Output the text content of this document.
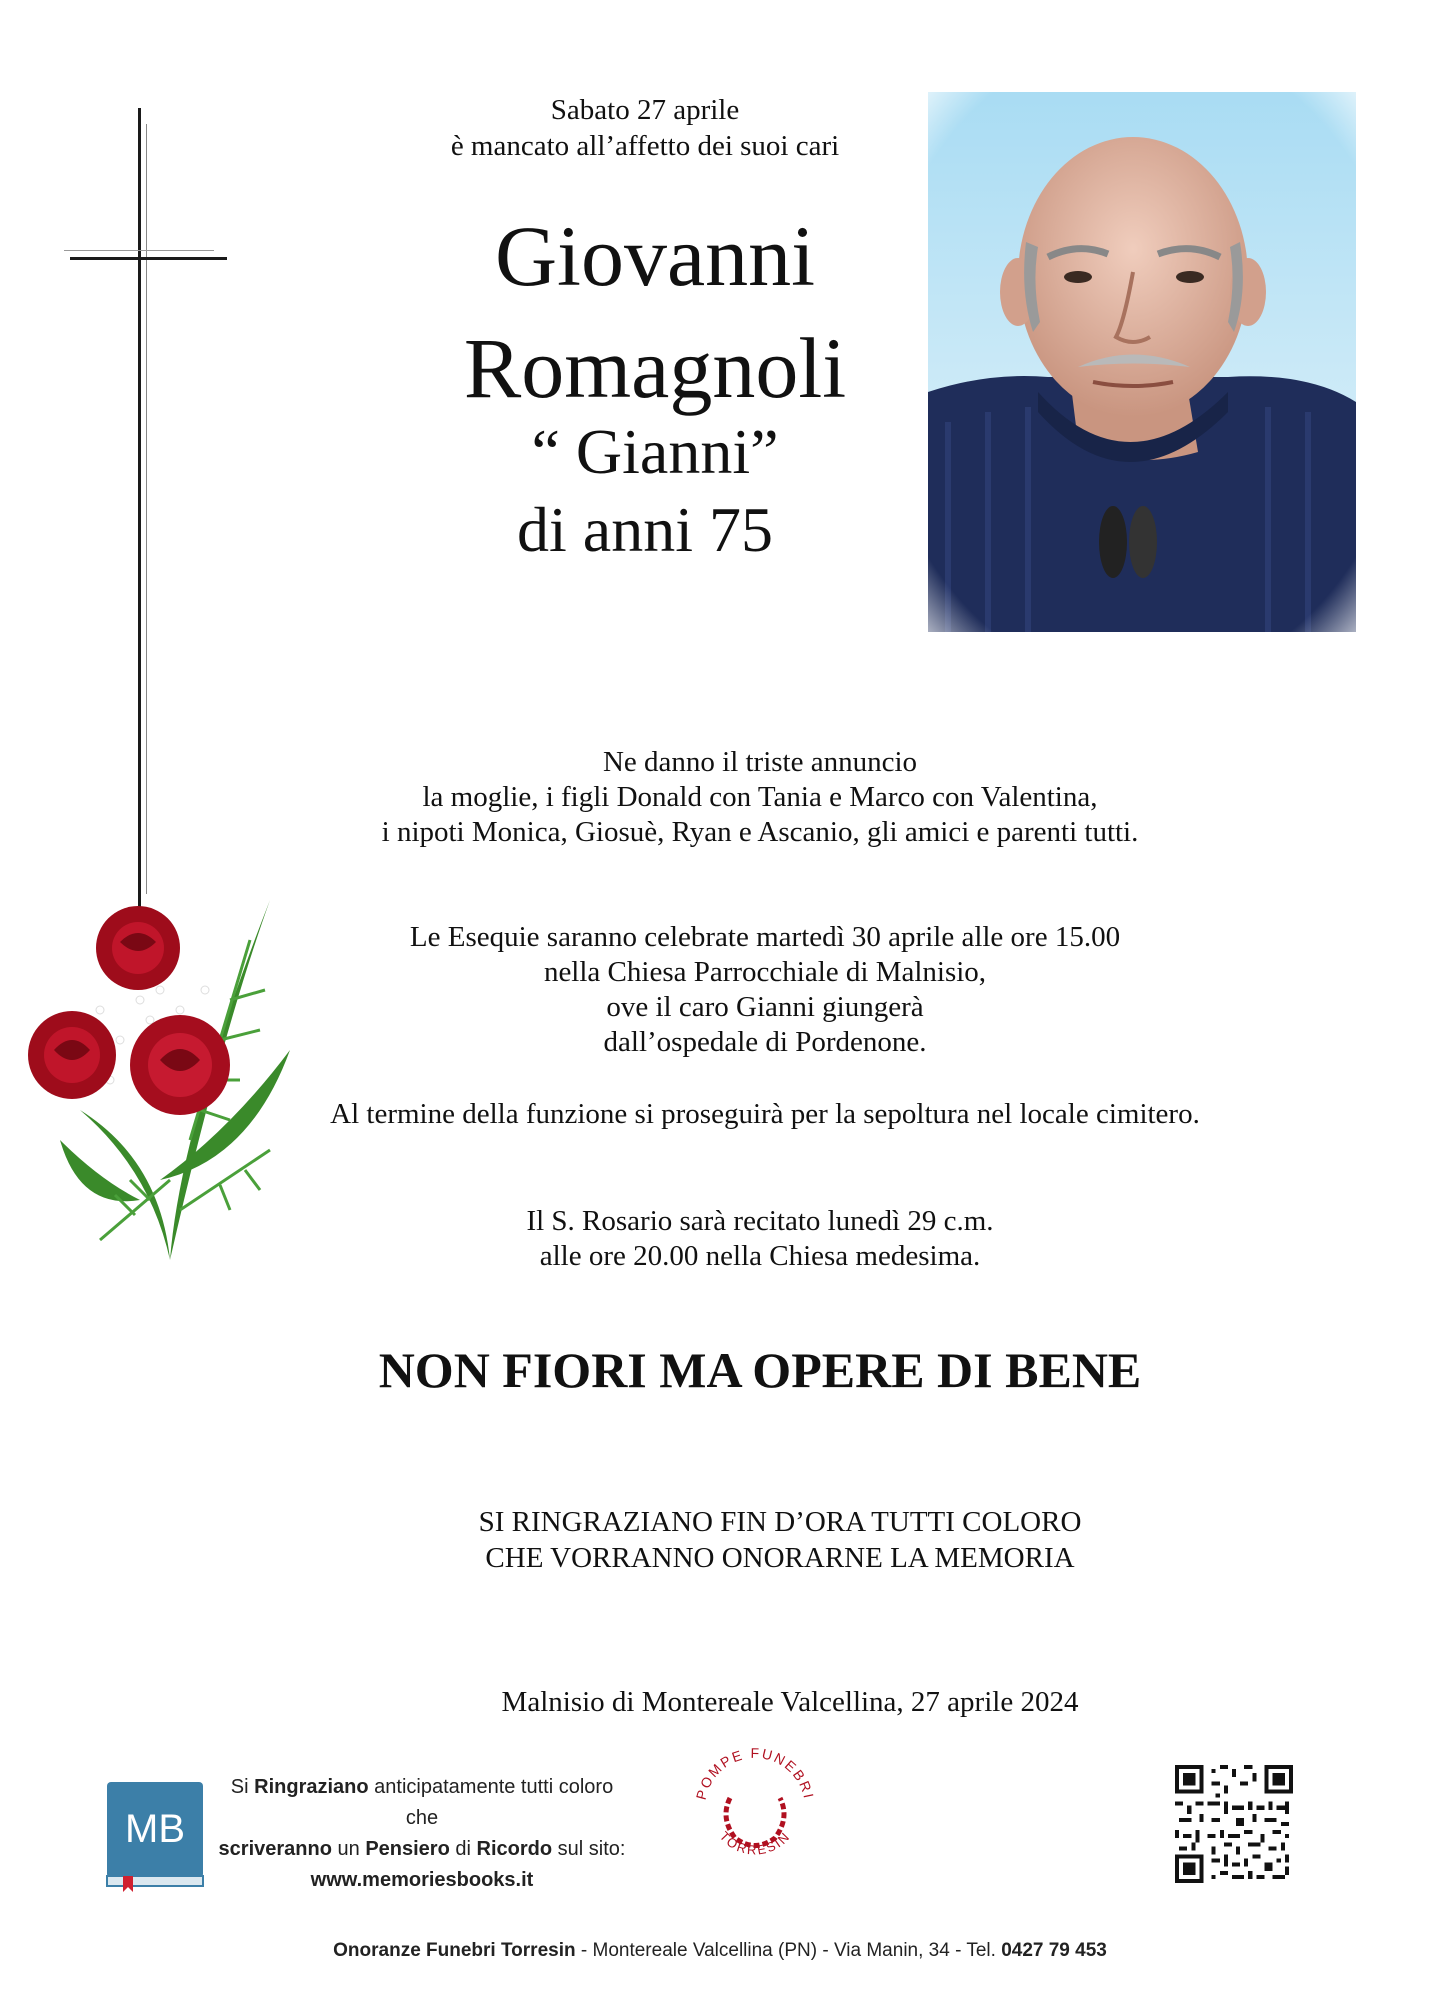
Sabato 27 aprile
è mancato all’affetto dei suoi cari
Giovanni
Romagnoli
“ Gianni”
di anni 75
Ne danno il triste annuncio
la moglie, i figli Donald con Tania e Marco con Valentina,
i nipoti Monica, Giosuè, Ryan e Ascanio, gli amici e parenti tutti.
Le Esequie saranno celebrate martedì 30 aprile alle ore 15.00
nella Chiesa Parrocchiale di Malnisio,
ove il caro Gianni giungerà
dall’ospedale di Pordenone.
Al termine della funzione si proseguirà per la sepoltura nel locale cimitero.
Il S. Rosario sarà recitato lunedì 29 c.m.
alle ore 20.00 nella Chiesa medesima.
NON FIORI MA OPERE DI BENE
SI RINGRAZIANO FIN D’ORA TUTTI COLORO
CHE VORRANNO ONORARNE LA MEMORIA
Malnisio di Montereale Valcellina, 27 aprile 2024
MB
Si Ringraziano anticipatamente tutti coloro che
scriveranno un Pensiero di Ricordo sul sito:
www.memoriesbooks.it
POMPE FUNEBRI
TORRESIN
Onoranze Funebri Torresin - Montereale Valcellina (PN) - Via Manin, 34 - Tel. 0427 79 453
